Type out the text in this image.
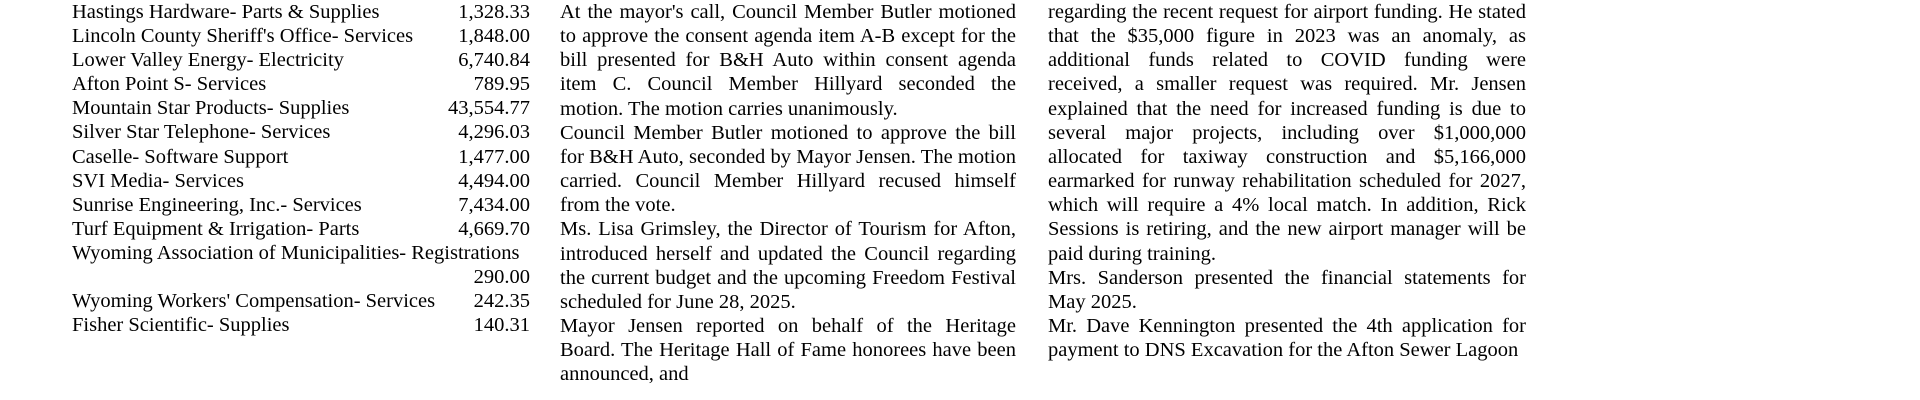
Hastings Hardware- Parts & Supplies	1,328.33
Lincoln County Sheriff's Office- Services	1,848.00
Lower Valley Energy- Electricity	6,740.84
Afton Point S- Services	789.95
Mountain Star Products- Supplies	43,554.77
Silver Star Telephone- Services	4,296.03
Caselle- Software Support	1,477.00
SVI Media- Services	4,494.00
Sunrise Engineering, Inc.- Services	7,434.00
Turf Equipment & Irrigation- Parts	4,669.70
Wyoming Association of Municipalities- Registrations
290.00
Wyoming Workers' Compensation- Services	242.35
Fisher Scientific- Supplies	140.31

At the mayor's call, Council Member Butler motioned to approve the consent agenda item A-B except for the bill presented for B&H Auto within consent agenda item C. Council Member Hillyard seconded the motion. The motion carries unanimously.

Council Member Butler motioned to approve the bill for B&H Auto, seconded by Mayor Jensen. The motion carried. Council Member Hillyard recused himself from the vote.

Ms. Lisa Grimsley, the Director of Tourism for Afton, introduced herself and updated the Council regarding the current budget and the upcoming Freedom Festival scheduled for June 28, 2025.

Mayor Jensen reported on behalf of the Heritage Board. The Heritage Hall of Fame honorees have been announced, and

regarding the recent request for airport funding. He stated that the $35,000 figure in 2023 was an anomaly, as additional funds related to COVID funding were received, a smaller request was required. Mr. Jensen explained that the need for increased funding is due to several major projects, including over $1,000,000 allocated for taxiway construction and $5,166,000 earmarked for runway rehabilitation scheduled for 2027, which will require a 4% local match. In addition, Rick Sessions is retiring, and the new airport manager will be paid during training.

Mrs. Sanderson presented the financial statements for May 2025.

Mr. Dave Kennington presented the 4th application for payment to DNS Excavation for the Afton Sewer Lagoon
